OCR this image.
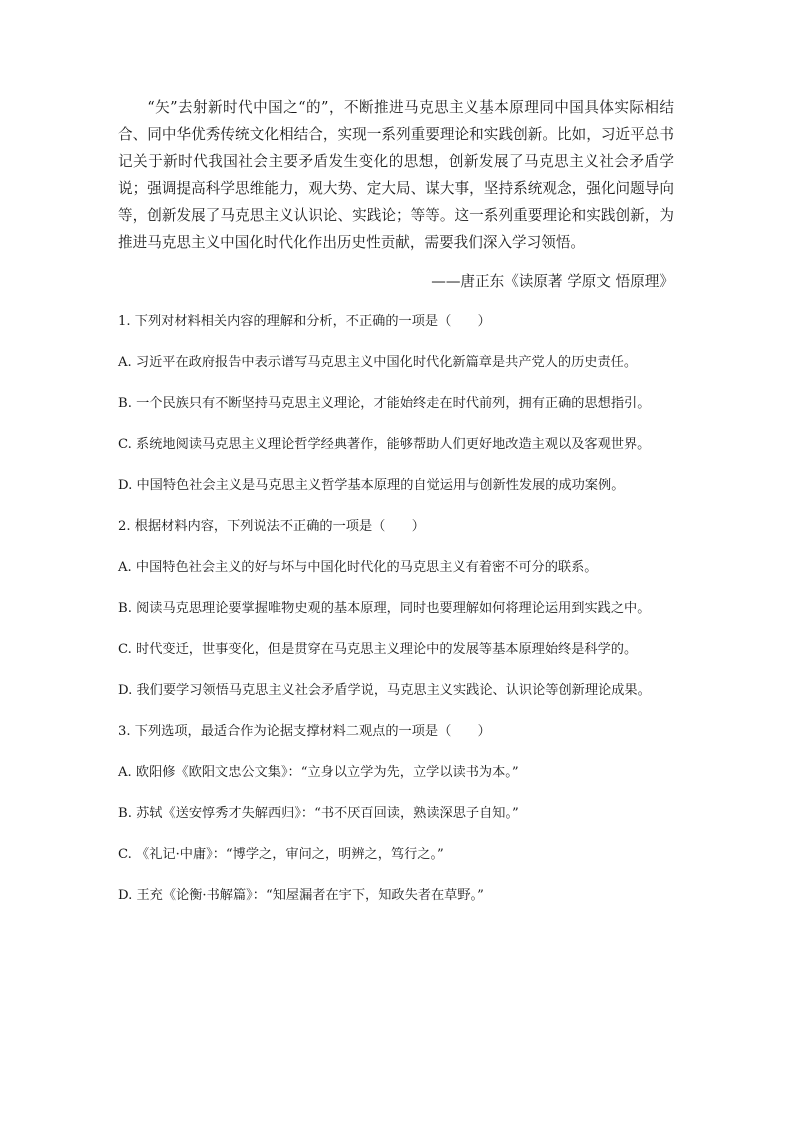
“矢”去射新时代中国之“的”，不断推进马克思主义基本原理同中国具体实际相结合、同中华优秀传统文化相结合，实现一系列重要理论和实践创新。比如，习近平总书记关于新时代我国社会主要矛盾发生变化的思想，创新发展了马克思主义社会矛盾学说；强调提高科学思维能力，观大势、定大局、谋大事，坚持系统观念，强化问题导向等，创新发展了马克思主义认识论、实践论；等等。这一系列重要理论和实践创新，为推进马克思主义中国化时代化作出历史性贡献，需要我们深入学习领悟。

——唐正东《读原著 学原文 悟原理》

1. 下列对材料相关内容的理解和分析，不正确的一项是（　　）

A. 习近平在政府报告中表示谱写马克思主义中国化时代化新篇章是共产党人的历史责任。

B. 一个民族只有不断坚持马克思主义理论，才能始终走在时代前列，拥有正确的思想指引。

C. 系统地阅读马克思主义理论哲学经典著作，能够帮助人们更好地改造主观以及客观世界。

D. 中国特色社会主义是马克思主义哲学基本原理的自觉运用与创新性发展的成功案例。

2. 根据材料内容，下列说法不正确的一项是（　　）

A. 中国特色社会主义的好与坏与中国化时代化的马克思主义有着密不可分的联系。

B. 阅读马克思理论要掌握唯物史观的基本原理，同时也要理解如何将理论运用到实践之中。

C. 时代变迁，世事变化，但是贯穿在马克思主义理论中的发展等基本原理始终是科学的。

D. 我们要学习领悟马克思主义社会矛盾学说，马克思主义实践论、认识论等创新理论成果。

3. 下列选项，最适合作为论据支撑材料二观点的一项是（　　）

A. 欧阳修《欧阳文忠公文集》：“立身以立学为先，立学以读书为本。”

B. 苏轼《送安惇秀才失解西归》：“书不厌百回读，熟读深思子自知。”

C. 《礼记·中庸》：“博学之，审问之，明辨之，笃行之。”

D. 王充《论衡·书解篇》：“知屋漏者在宇下，知政失者在草野。”
